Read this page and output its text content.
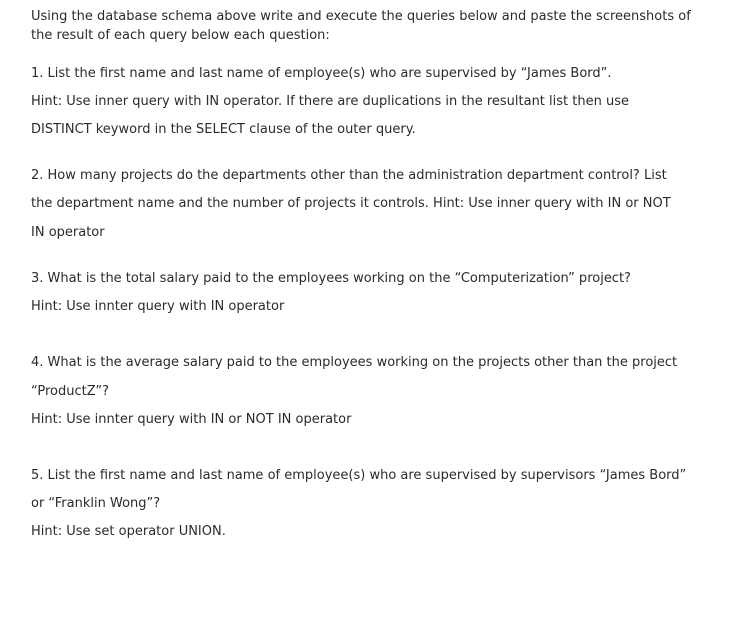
Using the database schema above write and execute the queries below and paste the screenshots of
the result of each query below each question:
1. List the first name and last name of employee(s) who are supervised by “James Bord”.
Hint: Use inner query with IN operator. If there are duplications in the resultant list then use
DISTINCT keyword in the SELECT clause of the outer query.
2. How many projects do the departments other than the administration department control? List
the department name and the number of projects it controls. Hint: Use inner query with IN or NOT
IN operator
3. What is the total salary paid to the employees working on the “Computerization” project?
Hint: Use innter query with IN operator
4. What is the average salary paid to the employees working on the projects other than the project
“ProductZ”?
Hint: Use innter query with IN or NOT IN operator
5. List the first name and last name of employee(s) who are supervised by supervisors “James Bord”
or “Franklin Wong”?
Hint: Use set operator UNION.
